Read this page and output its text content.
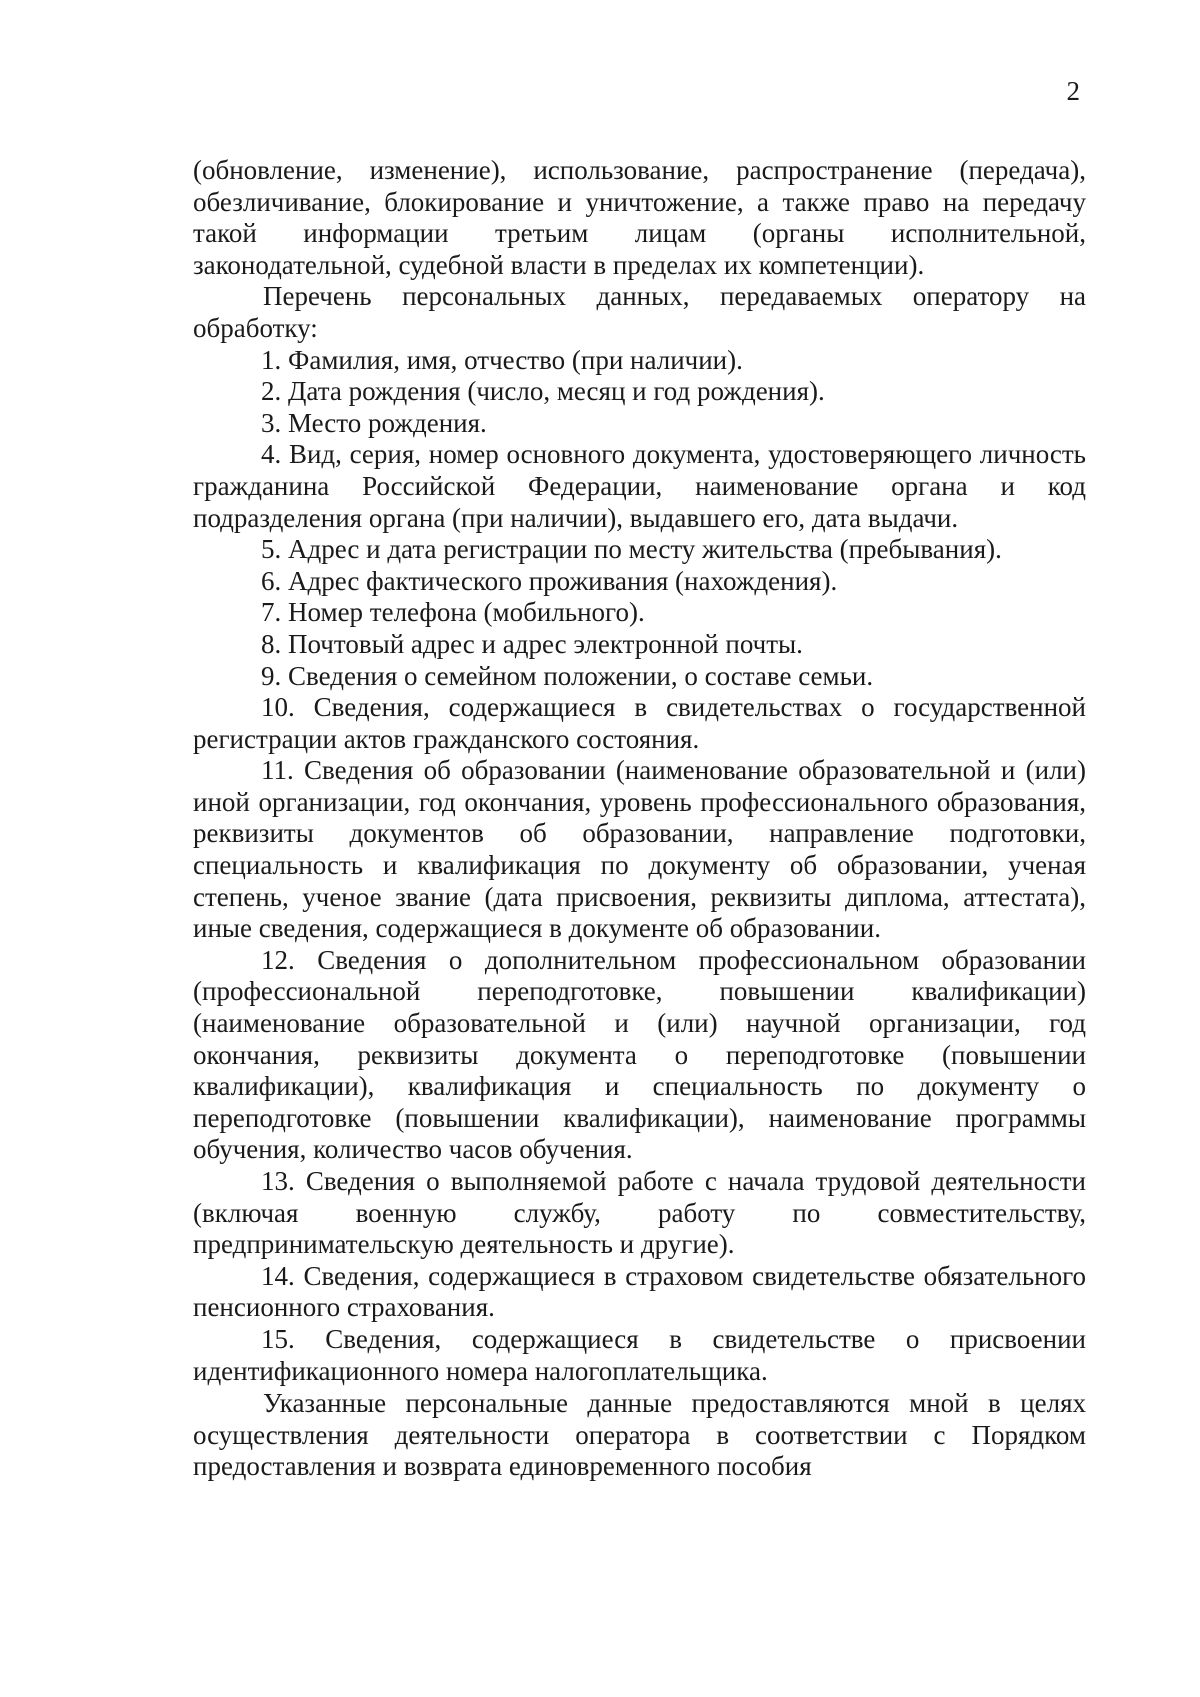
2

(обновление, изменение), использование, распространение (передача), обезличивание, блокирование и уничтожение, а также право на передачу такой информации третьим лицам (органы исполнительной, законодательной, судебной власти в пределах их компетенции).

Перечень персональных данных, передаваемых оператору на обработку:

1. Фамилия, имя, отчество (при наличии).

2. Дата рождения (число, месяц и год рождения).

3. Место рождения.

4. Вид, серия, номер основного документа, удостоверяющего личность гражданина Российской Федерации, наименование органа и код подразделения органа (при наличии), выдавшего его, дата выдачи.

5. Адрес и дата регистрации по месту жительства (пребывания).

6. Адрес фактического проживания (нахождения).

7. Номер телефона (мобильного).

8. Почтовый адрес и адрес электронной почты.

9. Сведения о семейном положении, о составе семьи.

10. Сведения, содержащиеся в свидетельствах о государственной регистрации актов гражданского состояния.

11. Сведения об образовании (наименование образовательной и (или) иной организации, год окончания, уровень профессионального образования, реквизиты документов об образовании, направление подготовки, специальность и квалификация по документу об образовании, ученая степень, ученое звание (дата присвоения, реквизиты диплома, аттестата), иные сведения, содержащиеся в документе об образовании.

12. Сведения о дополнительном профессиональном образовании (профессиональной переподготовке, повышении квалификации) (наименование образовательной и (или) научной организации, год окончания, реквизиты документа о переподготовке (повышении квалификации), квалификация и специальность по документу о переподготовке (повышении квалификации), наименование программы обучения, количество часов обучения.

13. Сведения о выполняемой работе с начала трудовой деятельности (включая военную службу, работу по совместительству, предпринимательскую деятельность и другие).

14. Сведения, содержащиеся в страховом свидетельстве обязательного пенсионного страхования.

15. Сведения, содержащиеся в свидетельстве о присвоении идентификационного номера налогоплательщика.

Указанные персональные данные предоставляются мной в целях осуществления деятельности оператора в соответствии с Порядком предоставления и возврата единовременного пособия
